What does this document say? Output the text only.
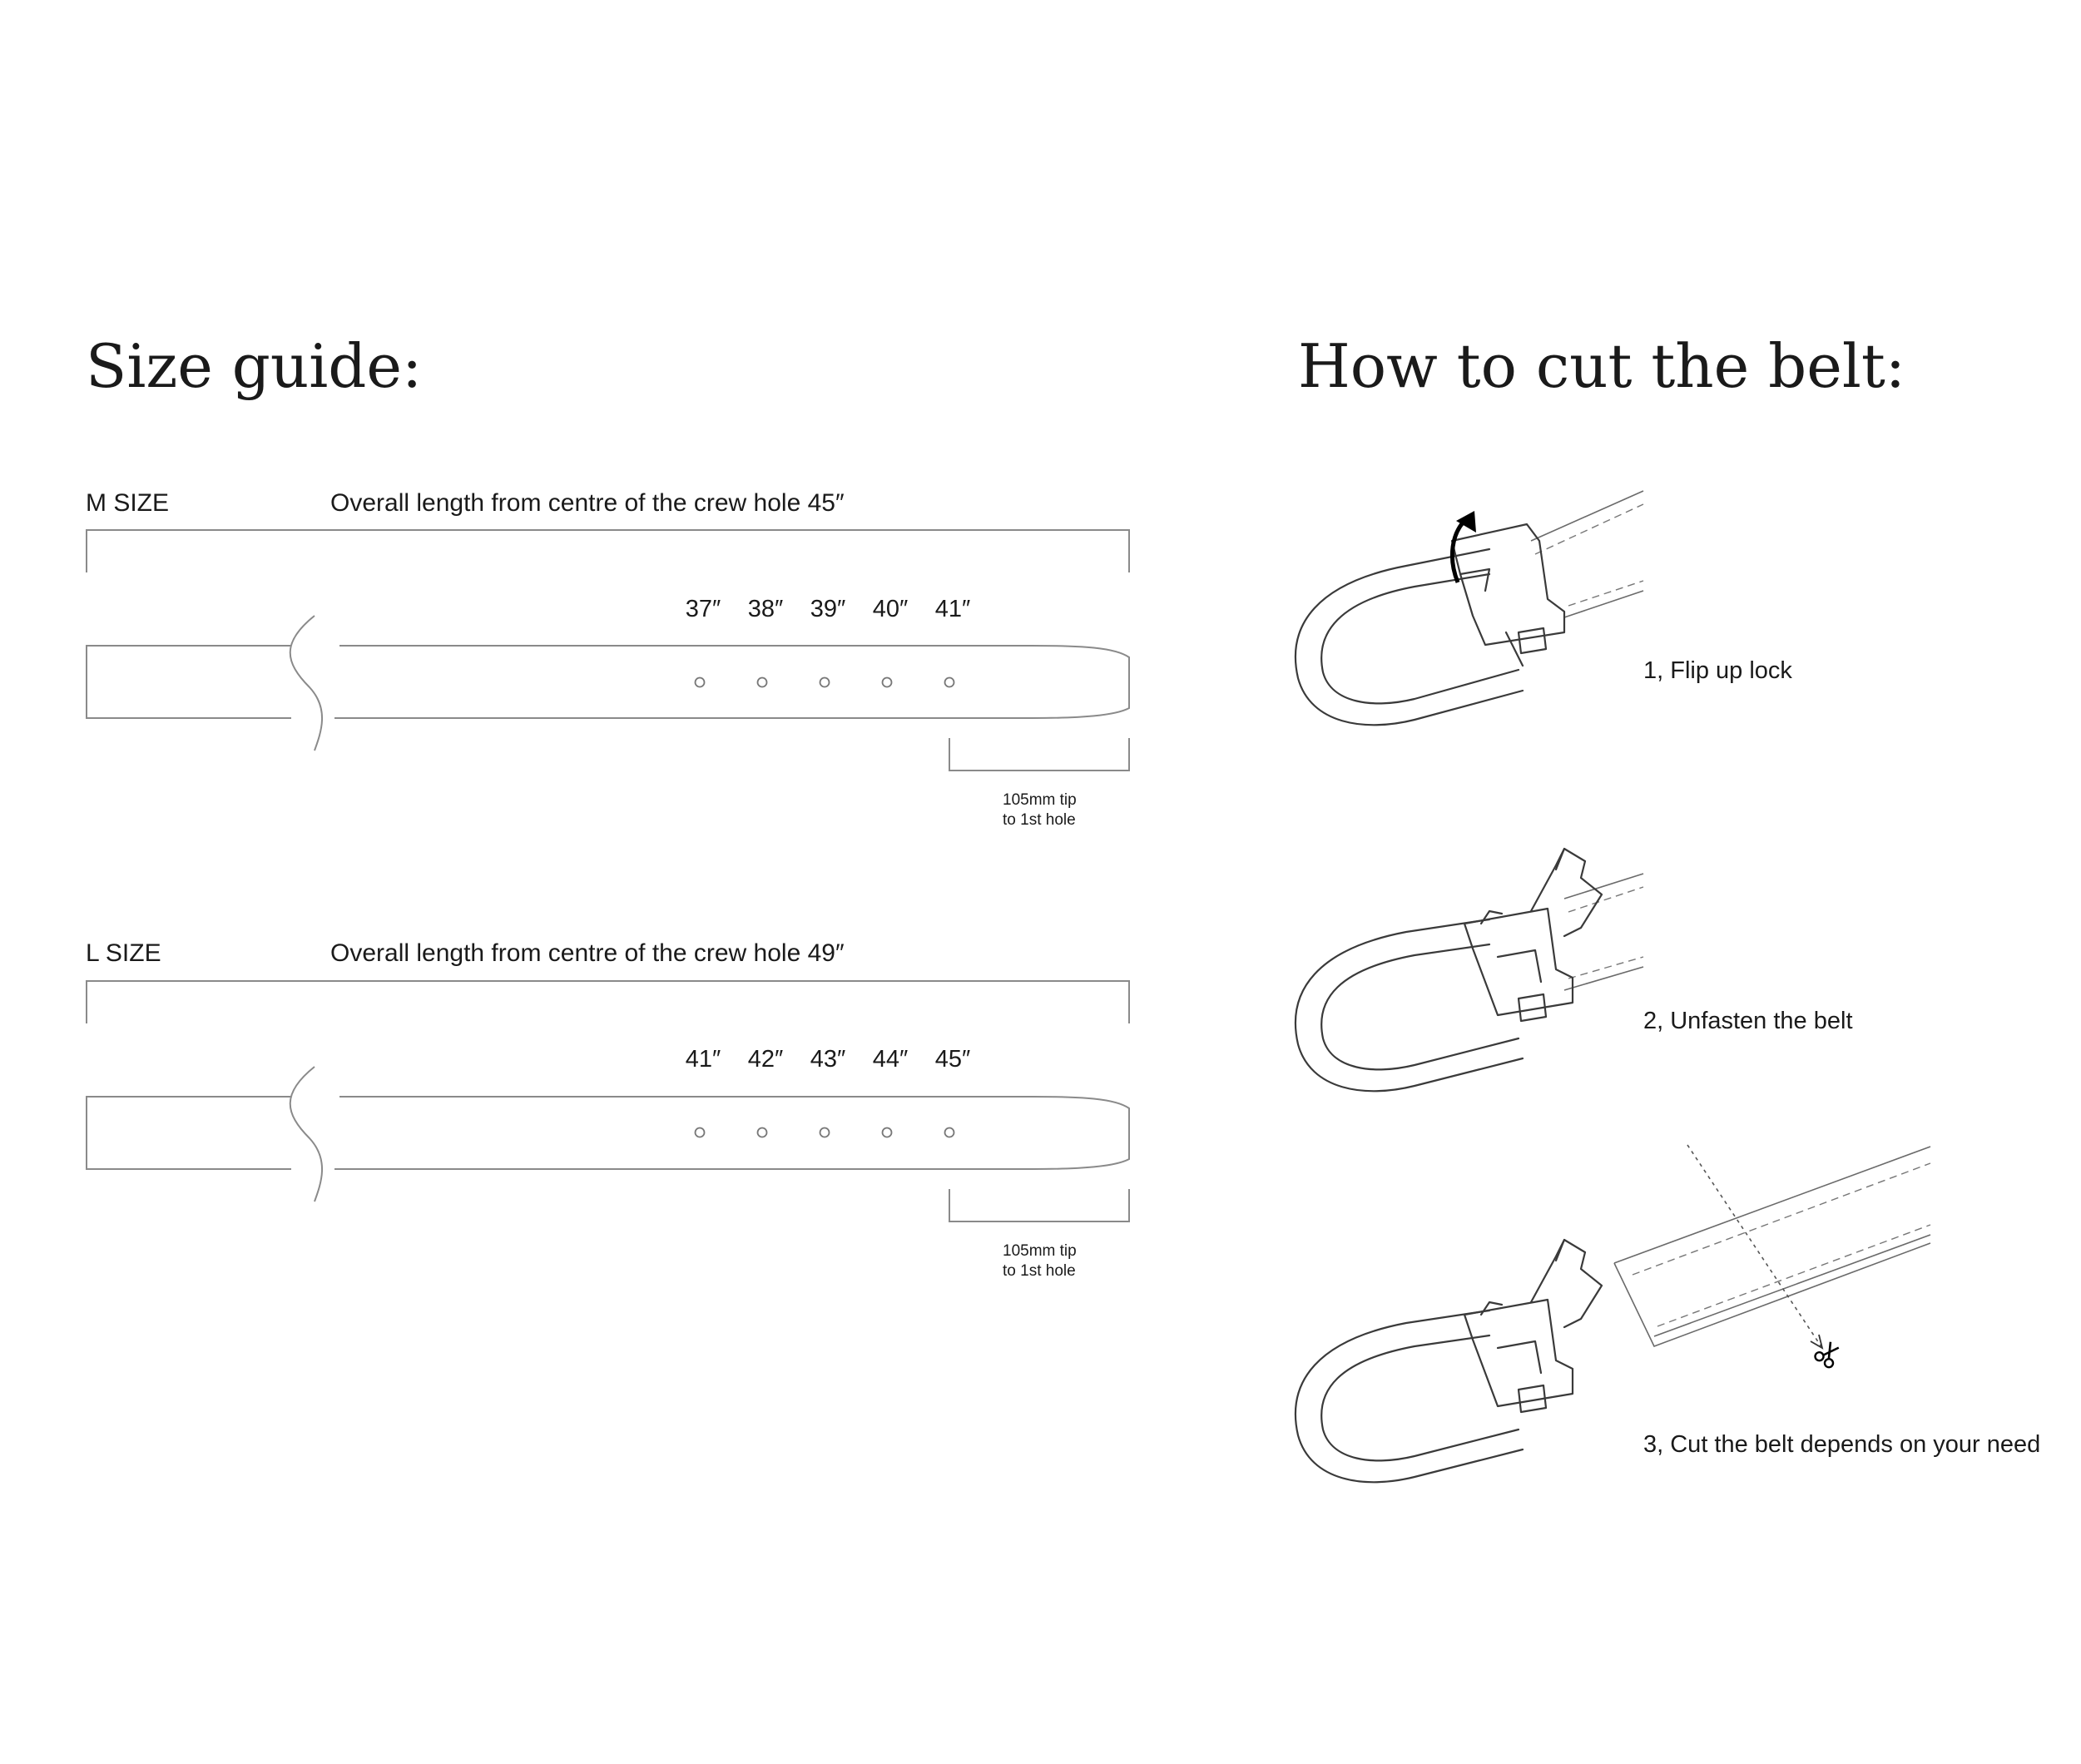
Size guide:
M SIZE	Overall length from centre of the crew hole 45″
37″ 38″ 39″ 40″ 41″
105mm tip
to 1st hole
L SIZE	Overall length from centre of the crew hole 49″
41″ 42″ 43″ 44″ 45″
105mm tip
to 1st hole
How to cut the belt:
1, Flip up lock
2, Unfasten the belt
3, Cut the belt depends on your need
